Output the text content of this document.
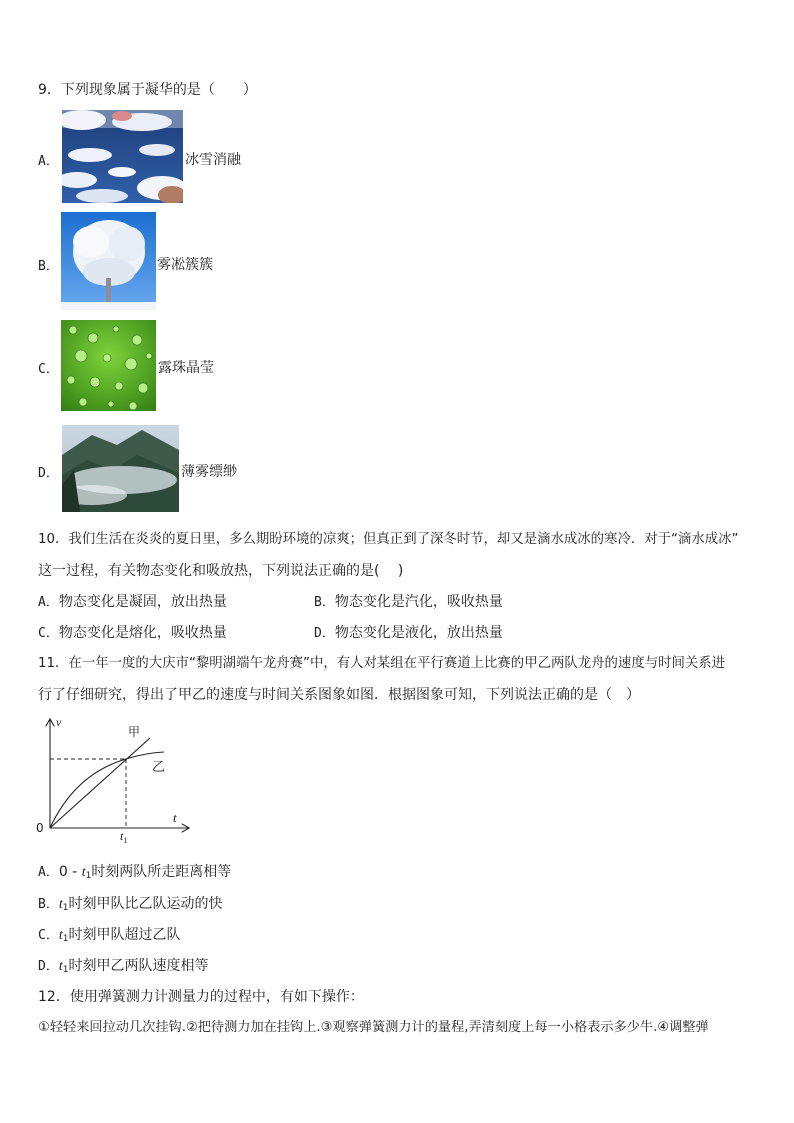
9．下列现象属于凝华的是（　　）
A．	冰雪消融
B．	雾凇簇簇
C．	露珠晶莹
D．	薄雾缥缈
10．我们生活在炎炎的夏日里，多么期盼环境的凉爽；但真正到了深冬时节，却又是滴水成冰的寒冷．对于“滴水成冰”
这一过程，有关物态变化和吸放热，下列说法正确的是(　 )
A．物态变化是凝固，放出热量	B．物态变化是汽化，吸收热量
C．物态变化是熔化，吸收热量	D．物态变化是液化，放出热量
11．在一年一度的大庆市“黎明湖端午龙舟赛”中，有人对某组在平行赛道上比赛的甲乙两队龙舟的速度与时间关系进
行了仔细研究，得出了甲乙的速度与时间关系图象如图．根据图象可知，下列说法正确的是（　）
v
t
0
$t_1$
甲
乙
A．$0 - t_1$时刻两队所走距离相等
B．$t_1$时刻甲队比乙队运动的快
C．$t_1$时刻甲队超过乙队
D．$t_1$时刻甲乙两队速度相等
12．使用弹簧测力计测量力的过程中，有如下操作：
①轻轻来回拉动几次挂钩.②把待测力加在挂钩上.③观察弹簧测力计的量程,弄清刻度上每一小格表示多少牛.④调整弹
